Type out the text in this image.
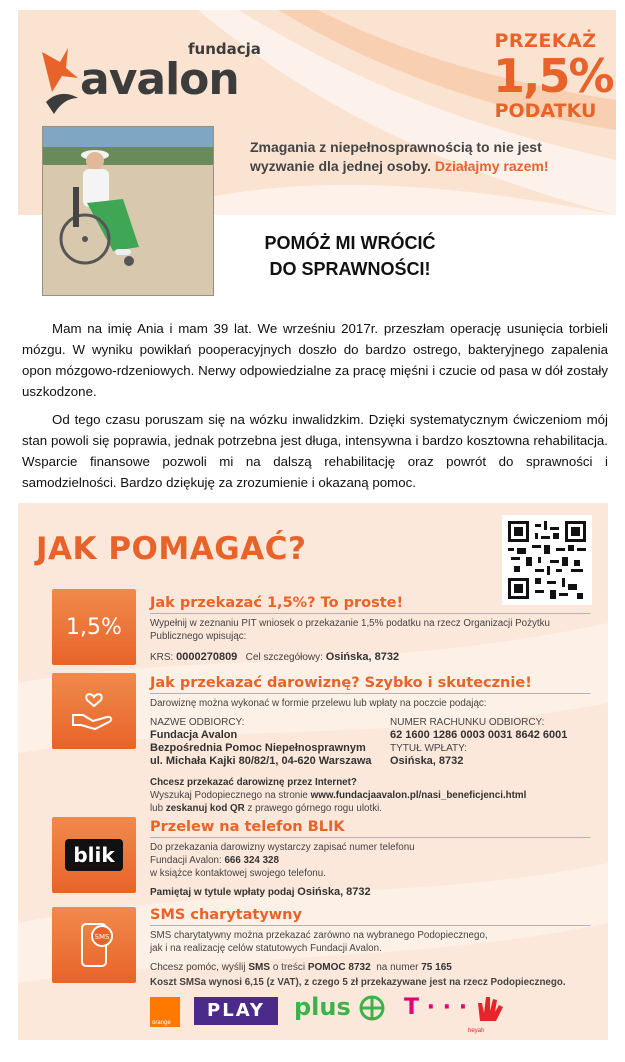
fundacja
avalon
PRZEKAŻ
1,5%
PODATKU
Zmagania z niepełnosprawnością to nie jest wyzwanie dla jednej osoby. Działajmy razem!
POMÓŻ MI WRÓCIĆ
DO SPRAWNOŚCI!

Mam na imię Ania i mam 39 lat. We wrześniu 2017r. przeszłam operację usunięcia torbieli mózgu. W wyniku powikłań pooperacyjnych doszło do bardzo ostrego, bakteryjnego zapalenia opon mózgowo-rdzeniowych. Nerwy odpowiedzialne za pracę mięśni i czucie od pasa w dół zostały uszkodzone.

Od tego czasu poruszam się na wózku inwalidzkim. Dzięki systematycznym ćwiczeniom mój stan powoli się poprawia, jednak potrzebna jest długa, intensywna i bardzo kosztowna rehabilitacja. Wsparcie finansowe pozwoli mi na dalszą rehabilitację oraz powrót do sprawności i samodzielności. Bardzo dziękuję za zrozumienie i okazaną pomoc.

JAK POMAGAĆ?
1,5%
Jak przekazać 1,5%? To proste!
Wypełnij w zeznaniu PIT wniosek o przekazanie 1,5% podatku na rzecz Organizacji Pożytku Publicznego wpisując:
KRS: 0000270809 Cel szczegółowy: Osińska, 8732
Jak przekazać darowiznę? Szybko i skutecznie!
Darowiznę można wykonać w formie przelewu lub wpłaty na poczcie podając:
NAZWE ODBIORCY:
Fundacja Avalon
Bezpośrednia Pomoc Niepełnosprawnym
ul. Michała Kajki 80/82/1, 04-620 Warszawa
NUMER RACHUNKU ODBIORCY:
62 1600 1286 0003 0031 8642 6001
TYTUŁ WPŁATY:
Osińska, 8732
Chcesz przekazać darowiznę przez Internet?
Wyszukaj Podopiecznego na stronie www.fundacjaavalon.pl/nasi_beneficjenci.html
lub zeskanuj kod QR z prawego górnego rogu ulotki.
blik
Przelew na telefon BLIK
Do przekazania darowizny wystarczy zapisać numer telefonu
Fundacji Avalon: 666 324 328
w książce kontaktowej swojego telefonu.
Pamiętaj w tytule wpłaty podaj Osińska, 8732
SMS
SMS charytatywny
SMS charytatywny można przekazać zarówno na wybranego Podopiecznego,
jak i na realizację celów statutowych Fundacji Avalon.
Chcesz pomóc, wyślij SMS o treści POMOC 8732 na numer 75 165
Koszt SMSa wynosi 6,15 (z VAT), z czego 5 zł przekazywane jest na rzecz Podopiecznego.
orange
PLAY	plus	T · · ·
heyah
